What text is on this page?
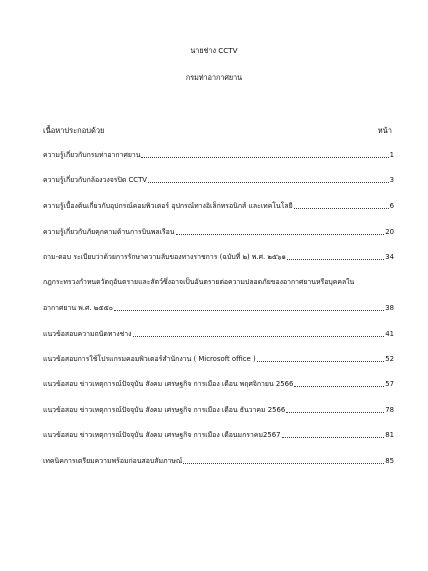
นายช่าง CCTV
กรมท่าอากาศยาน
เนื้อหาประกอบด้วย	หน้า
ความรู้เกี่ยวกับกรมท่าอากาศยาน	1
ความรู้เกี่ยวกับกล้องวงจรปิด CCTV	3
ความรู้เบื้องต้นเกี่ยวกับอุปกรณ์คอมพิวเตอร์ อุปกรณ์ทางอิเล็กทรอนิกส์ และเทคโนโลยี	6
ความรู้เกี่ยวกับภัยคุกคามด้านการบินพลเรือน	20
ถาม-ตอบ ระเบียบว่าด้วยการรักษาความลับของทางราชการ (ฉบับที่ ๒) พ.ศ. ๒๕๖๑	34
กฎกระทรวงกำหนดวัตถุอันตรายและสัตว์ซึ่งอาจเป็นอันตรายต่อความปลอดภัยของอากาศยานหรือบุคคลใน
อากาศยาน พ.ศ. ๒๕๕๐	38
แนวข้อสอบความถนัดทางช่าง	41
แนวข้อสอบการใช้โปรแกรมคอมพิวเตอร์สำนักงาน ( Microsoft office )	52
แนวข้อสอบ ข่าวเหตุการณ์ปัจจุบัน สังคม เศรษฐกิจ การเมือง เดือน พฤศจิกายน 2566	57
แนวข้อสอบ ข่าวเหตุการณ์ปัจจุบัน สังคม เศรษฐกิจ การเมือง เดือน ธันวาคม 2566	78
แนวข้อสอบ ข่าวเหตุการณ์ปัจจุบัน สังคม เศรษฐกิจ การเมือง เดือนมกราคม2567	81
เทคนิคการเตรียมความพร้อมก่อนสอบสัมภาษณ์	85
